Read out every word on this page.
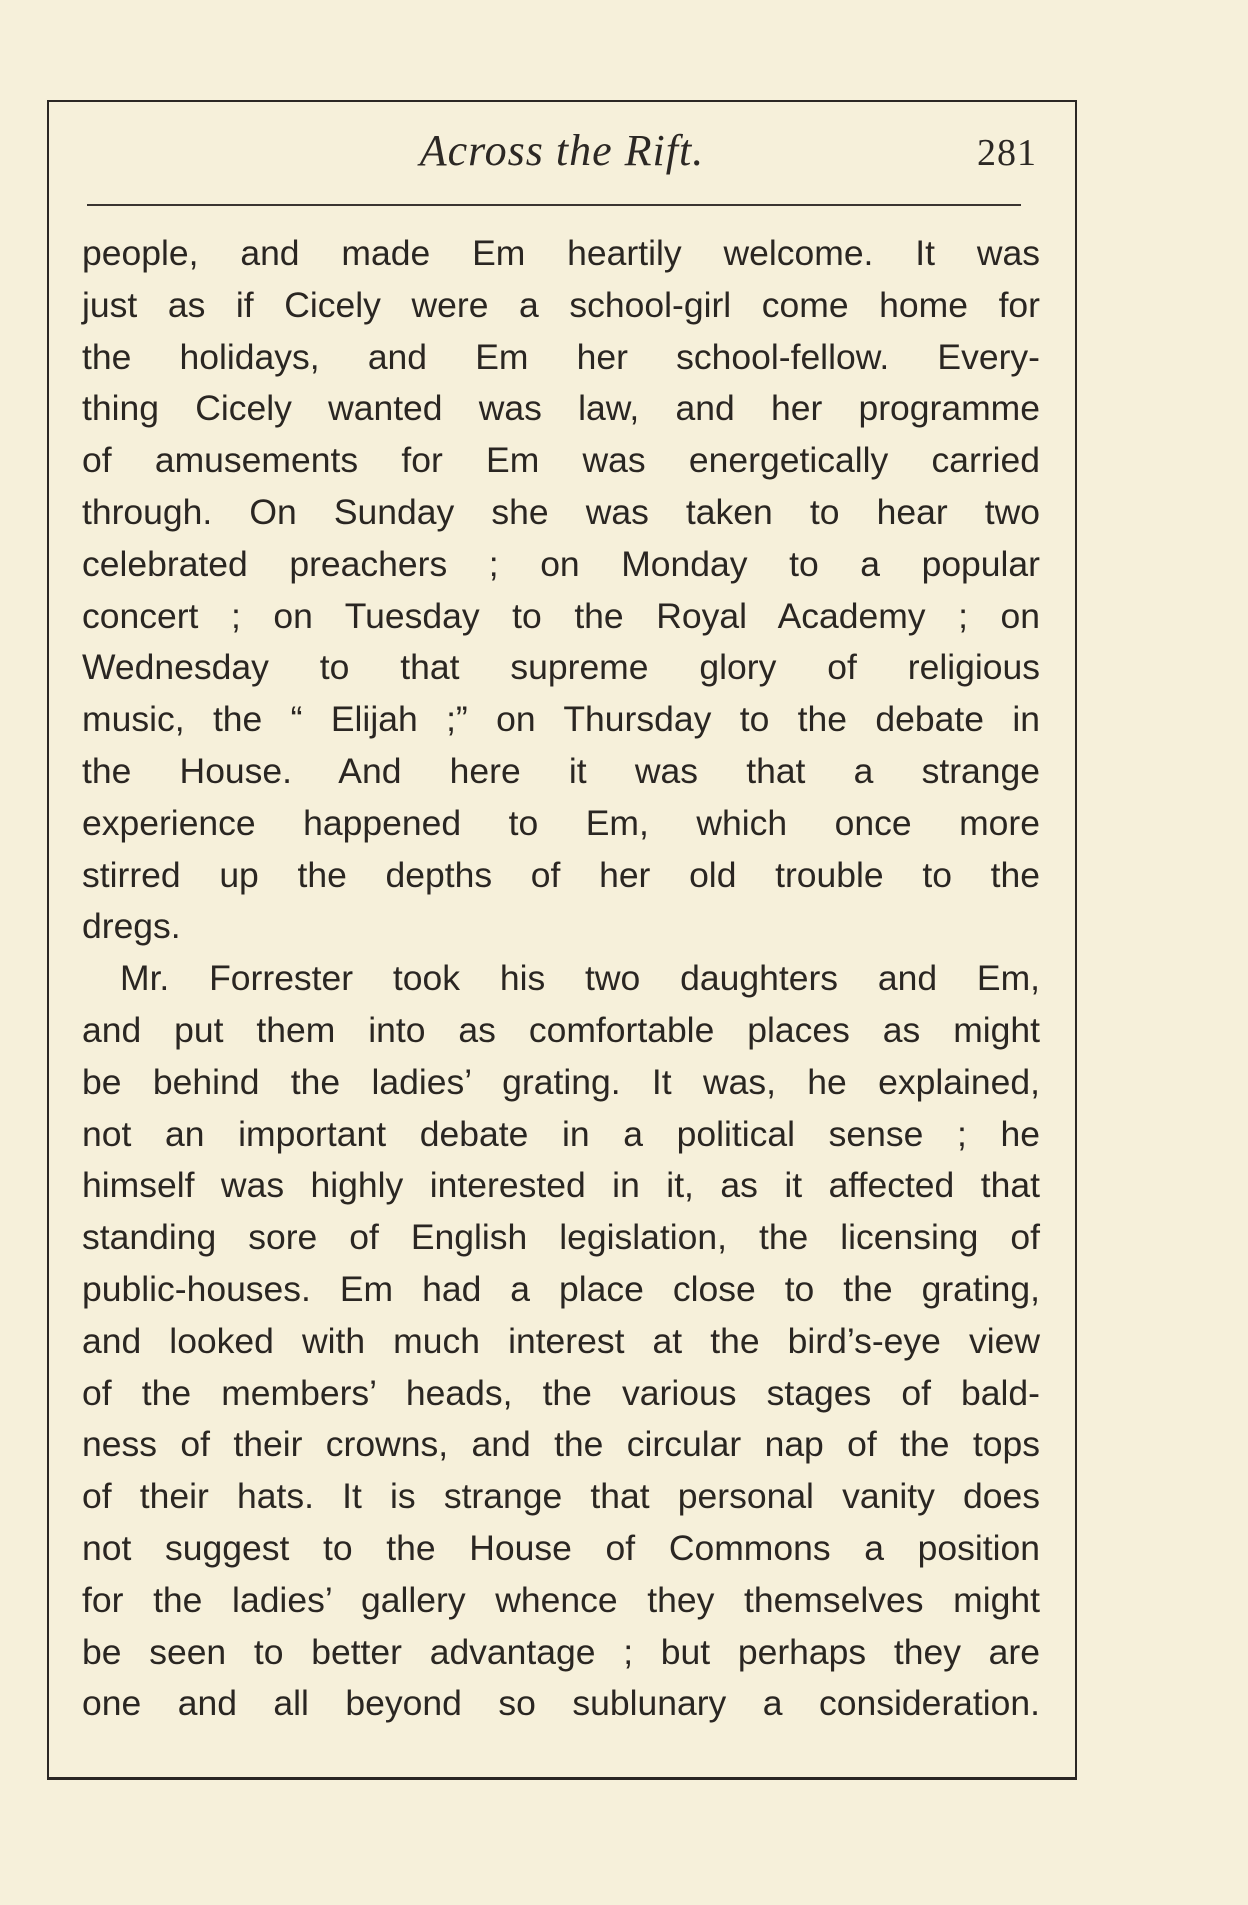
Across the Rift.	281
people, and made Em heartily welcome. It was
just as if Cicely were a school-girl come home for
the holidays, and Em her school-fellow. Every-
thing Cicely wanted was law, and her programme
of amusements for Em was energetically carried
through. On Sunday she was taken to hear two
celebrated preachers ; on Monday to a popular
concert ; on Tuesday to the Royal Academy ; on
Wednesday to that supreme glory of religious
music, the “ Elijah ;” on Thursday to the debate in
the House. And here it was that a strange
experience happened to Em, which once more
stirred up the depths of her old trouble to the
dregs.
Mr. Forrester took his two daughters and Em,
and put them into as comfortable places as might
be behind the ladies’ grating. It was, he explained,
not an important debate in a political sense ; he
himself was highly interested in it, as it affected that
standing sore of English legislation, the licensing of
public-houses. Em had a place close to the grating,
and looked with much interest at the bird’s-eye view
of the members’ heads, the various stages of bald-
ness of their crowns, and the circular nap of the tops
of their hats. It is strange that personal vanity does
not suggest to the House of Commons a position
for the ladies’ gallery whence they themselves might
be seen to better advantage ; but perhaps they are
one and all beyond so sublunary a consideration.
